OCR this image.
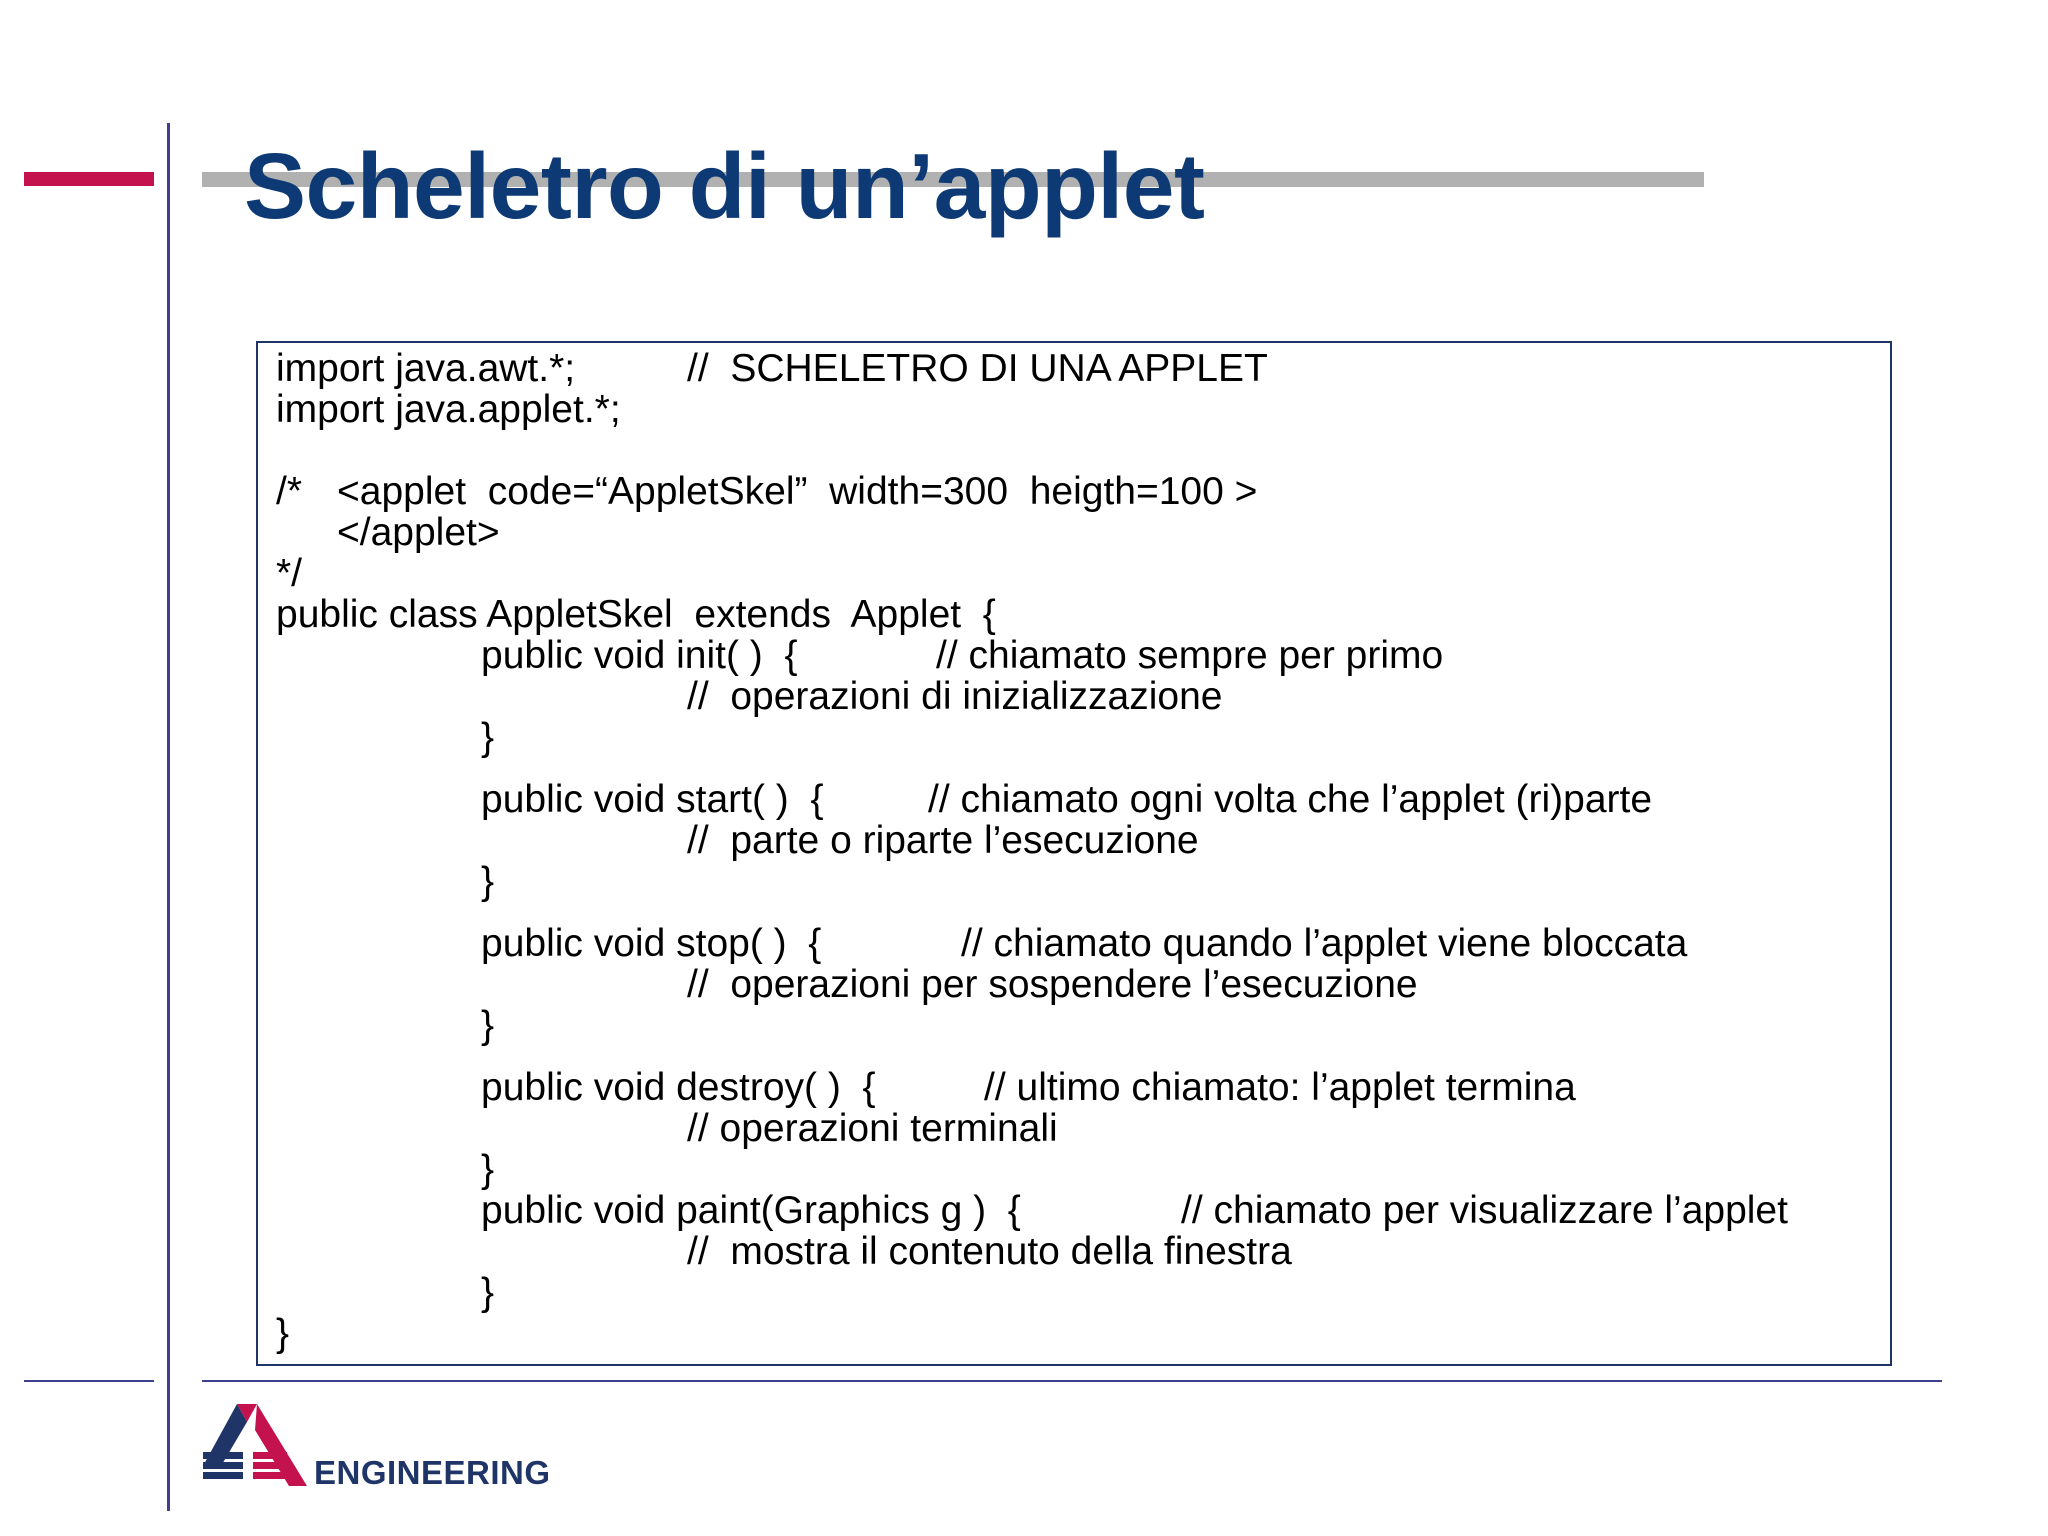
Scheletro di un’applet
import java.awt.*;	//  SCHELETRO DI UNA APPLET
import java.applet.*;
/* <applet  code=“AppletSkel”  width=300  heigth=100 >
</applet>
*/
public class AppletSkel  extends  Applet  {
public void init( )  {	// chiamato sempre per primo
//  operazioni di inizializzazione
}
public void start( )  {	// chiamato ogni volta che l’applet (ri)parte
//  parte o riparte l’esecuzione
}
public void stop( )  {	// chiamato quando l’applet viene bloccata
//  operazioni per sospendere l’esecuzione
}
public void destroy( )  {	// ultimo chiamato: l’applet termina
// operazioni terminali
}
public void paint(Graphics g )  {	// chiamato per visualizzare l’applet
//  mostra il contenuto della finestra
}
}
ENGINEERING
